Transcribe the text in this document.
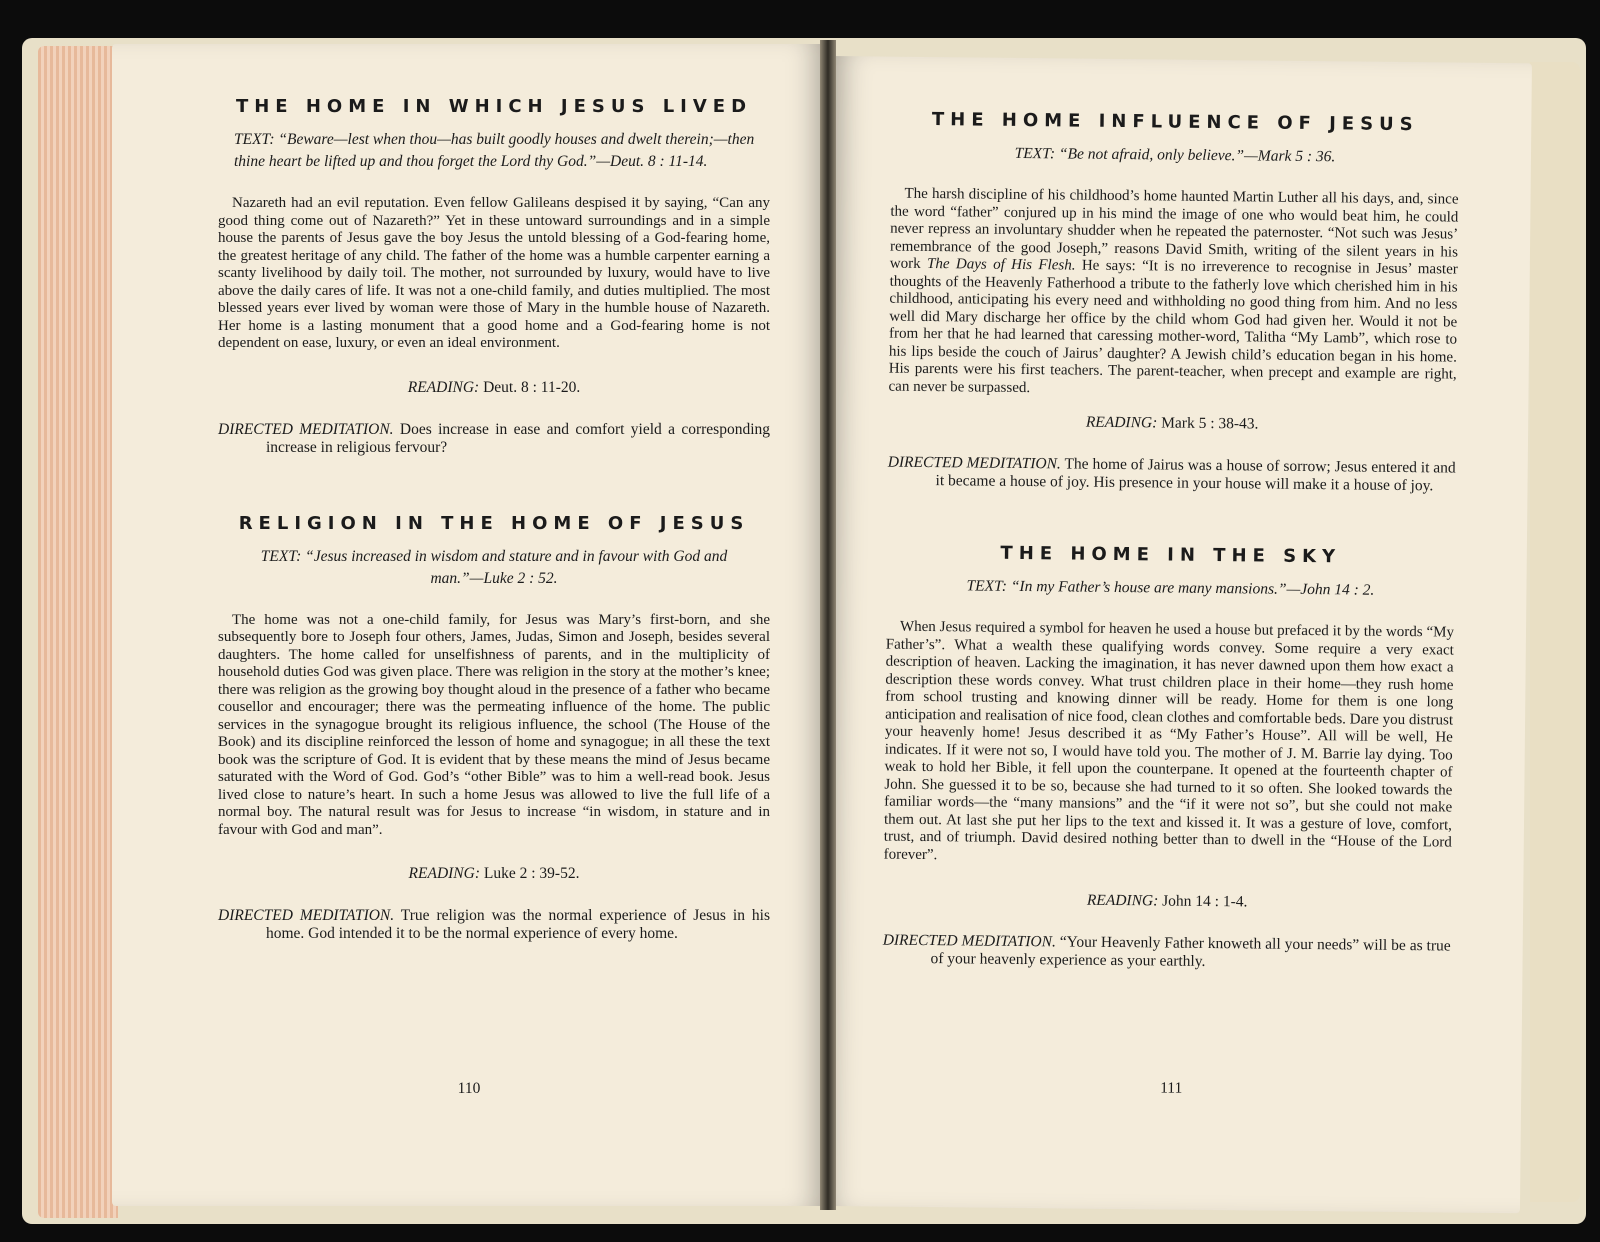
THE HOME IN WHICH JESUS LIVED

TEXT: “Beware—lest when thou—has built goodly houses and dwelt therein;—then thine heart be lifted up and thou forget the Lord thy God.”—Deut. 8 : 11-14.

Nazareth had an evil reputation. Even fellow Galileans despised it by saying, “Can any good thing come out of Nazareth?” Yet in these untoward surroundings and in a simple house the parents of Jesus gave the boy Jesus the untold blessing of a God-fearing home, the greatest heritage of any child. The father of the home was a humble carpenter earning a scanty livelihood by daily toil. The mother, not surrounded by luxury, would have to live above the daily cares of life. It was not a one-child family, and duties multiplied. The most blessed years ever lived by woman were those of Mary in the humble house of Nazareth. Her home is a lasting monument that a good home and a God-fearing home is not dependent on ease, luxury, or even an ideal environment.

READING: Deut. 8 : 11-20.

DIRECTED MEDITATION. Does increase in ease and comfort yield a corresponding increase in religious fervour?

RELIGION IN THE HOME OF JESUS

TEXT: “Jesus increased in wisdom and stature and in favour with God and man.”—Luke 2 : 52.

The home was not a one-child family, for Jesus was Mary’s first-born, and she subsequently bore to Joseph four others, James, Judas, Simon and Joseph, besides several daughters. The home called for unselfishness of parents, and in the multiplicity of household duties God was given place. There was religion in the story at the mother’s knee; there was religion as the growing boy thought aloud in the presence of a father who became cousellor and encourager; there was the permeating influence of the home. The public services in the synagogue brought its religious influence, the school (The House of the Book) and its discipline reinforced the lesson of home and synagogue; in all these the text book was the scripture of God. It is evident that by these means the mind of Jesus became saturated with the Word of God. God’s “other Bible” was to him a well-read book. Jesus lived close to nature’s heart. In such a home Jesus was allowed to live the full life of a normal boy. The natural result was for Jesus to increase “in wisdom, in stature and in favour with God and man”.

READING: Luke 2 : 39-52.

DIRECTED MEDITATION. True religion was the normal experience of Jesus in his home. God intended it to be the normal experience of every home.

110
THE HOME INFLUENCE OF JESUS

TEXT: “Be not afraid, only believe.”—Mark 5 : 36.

The harsh discipline of his childhood’s home haunted Martin Luther all his days, and, since the word “father” conjured up in his mind the image of one who would beat him, he could never repress an involuntary shudder when he repeated the paternoster. “Not such was Jesus’ remembrance of the good Joseph,” reasons David Smith, writing of the silent years in his work The Days of His Flesh. He says: “It is no irreverence to recognise in Jesus’ master thoughts of the Heavenly Fatherhood a tribute to the fatherly love which cherished him in his childhood, anticipating his every need and withholding no good thing from him. And no less well did Mary discharge her office by the child whom God had given her. Would it not be from her that he had learned that caressing mother-word, Talitha “My Lamb”, which rose to his lips beside the couch of Jairus’ daughter? A Jewish child’s education began in his home. His parents were his first teachers. The parent-teacher, when precept and example are right, can never be surpassed.

READING: Mark 5 : 38-43.

DIRECTED MEDITATION. The home of Jairus was a house of sorrow; Jesus entered it and it became a house of joy. His presence in your house will make it a house of joy.

THE HOME IN THE SKY

TEXT: “In my Father’s house are many mansions.”—John 14 : 2.

When Jesus required a symbol for heaven he used a house but prefaced it by the words “My Father’s”. What a wealth these qualifying words convey. Some require a very exact description of heaven. Lacking the imagination, it has never dawned upon them how exact a description these words convey. What trust children place in their home—they rush home from school trusting and knowing dinner will be ready. Home for them is one long anticipation and realisation of nice food, clean clothes and comfortable beds. Dare you distrust your heavenly home! Jesus described it as “My Father’s House”. All will be well, He indicates. If it were not so, I would have told you. The mother of J. M. Barrie lay dying. Too weak to hold her Bible, it fell upon the counterpane. It opened at the fourteenth chapter of John. She guessed it to be so, because she had turned to it so often. She looked towards the familiar words—the “many mansions” and the “if it were not so”, but she could not make them out. At last she put her lips to the text and kissed it. It was a gesture of love, comfort, trust, and of triumph. David desired nothing better than to dwell in the “House of the Lord forever”.

READING: John 14 : 1-4.

DIRECTED MEDITATION. “Your Heavenly Father knoweth all your needs” will be as true of your heavenly experience as your earthly.

111
